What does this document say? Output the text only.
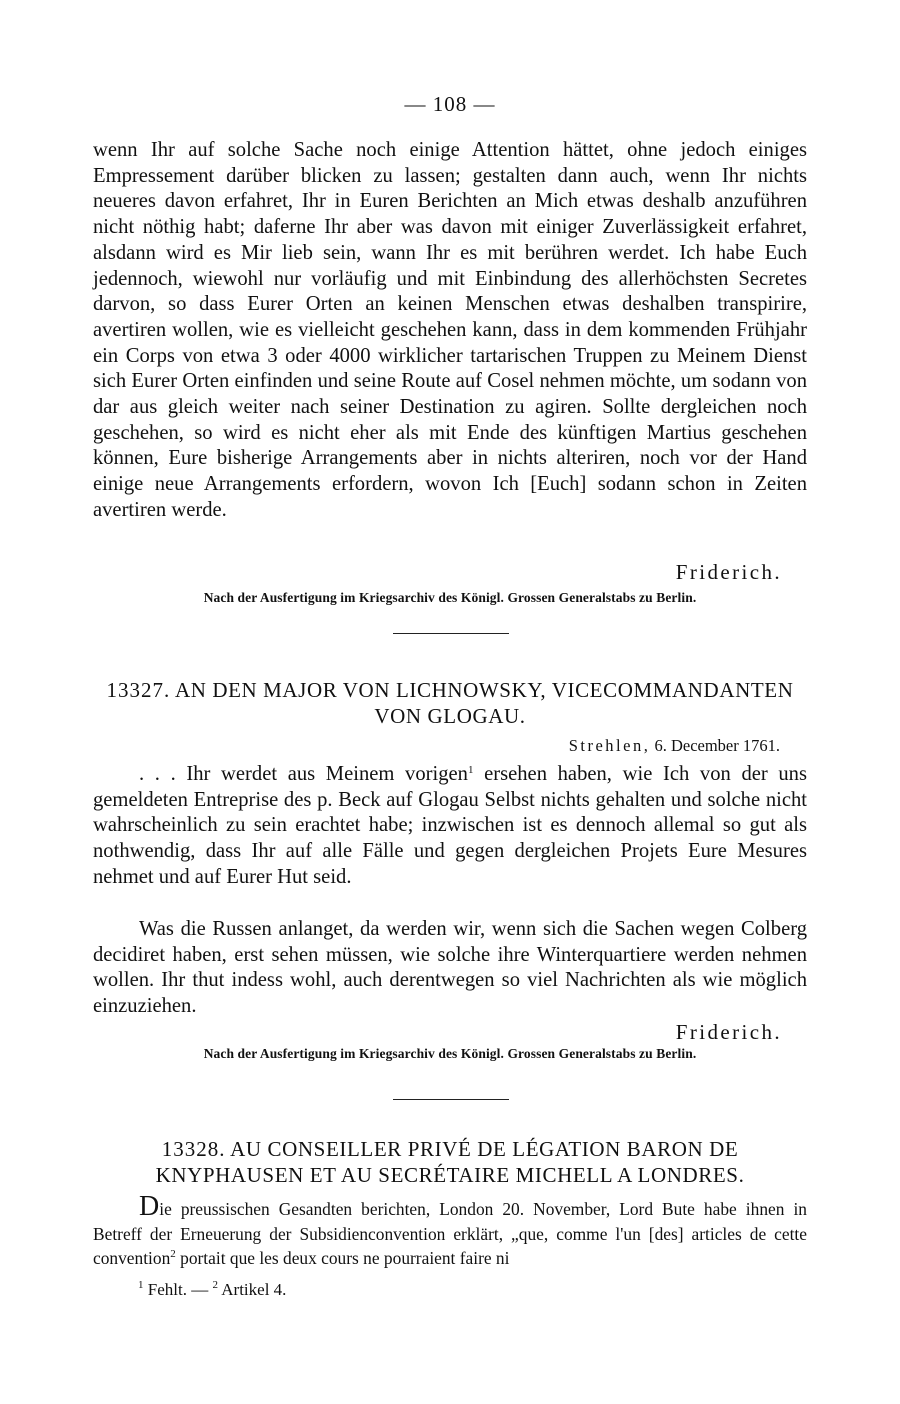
— 108 —
wenn Ihr auf solche Sache noch einige Attention hättet, ohne jedoch einiges Empressement darüber blicken zu lassen; gestalten dann auch, wenn Ihr nichts neueres davon erfahret, Ihr in Euren Berichten an Mich etwas deshalb anzuführen nicht nöthig habt; daferne Ihr aber was davon mit einiger Zuverlässigkeit erfahret, alsdann wird es Mir lieb sein, wann Ihr es mit berühren werdet. Ich habe Euch jedennoch, wiewohl nur vorläufig und mit Einbindung des allerhöchsten Secretes darvon, so dass Eurer Orten an keinen Menschen etwas deshalben transpirire, avertiren wollen, wie es vielleicht geschehen kann, dass in dem kommenden Frühjahr ein Corps von etwa 3 oder 4000 wirklicher tartarischen Truppen zu Meinem Dienst sich Eurer Orten einfinden und seine Route auf Cosel nehmen möchte, um sodann von dar aus gleich weiter nach seiner Destination zu agiren. Sollte dergleichen noch geschehen, so wird es nicht eher als mit Ende des künftigen Martius geschehen können, Eure bisherige Arrangements aber in nichts alteriren, noch vor der Hand einige neue Arrangements erfordern, wovon Ich [Euch] sodann schon in Zeiten avertiren werde.
Friderich.
Nach der Ausfertigung im Kriegsarchiv des Königl. Grossen Generalstabs zu Berlin.
13327. AN DEN MAJOR VON LICHNOWSKY, VICECOMMANDANTEN VON GLOGAU.
Strehlen, 6. December 1761.
. . . Ihr werdet aus Meinem vorigen$^1$ ersehen haben, wie Ich von der uns gemeldeten Entreprise des p. Beck auf Glogau Selbst nichts gehalten und solche nicht wahrscheinlich zu sein erachtet habe; inzwischen ist es dennoch allemal so gut als nothwendig, dass Ihr auf alle Fälle und gegen dergleichen Projets Eure Mesures nehmet und auf Eurer Hut seid.
Was die Russen anlanget, da werden wir, wenn sich die Sachen wegen Colberg decidiret haben, erst sehen müssen, wie solche ihre Winterquartiere werden nehmen wollen. Ihr thut indess wohl, auch derentwegen so viel Nachrichten als wie möglich einzuziehen.
Friderich.
Nach der Ausfertigung im Kriegsarchiv des Königl. Grossen Generalstabs zu Berlin.
13328. AU CONSEILLER PRIVÉ DE LÉGATION BARON DE KNYPHAUSEN ET AU SECRÉTAIRE MICHELL A LONDRES.
Die preussischen Gesandten berichten, London 20. November, Lord Bute habe ihnen in Betreff der Erneuerung der Subsidienconvention erklärt, „que, comme l'un [des] articles de cette convention$^2$ portait que les deux cours ne pourraient faire ni
$^1$ Fehlt. — $^2$ Artikel 4.
